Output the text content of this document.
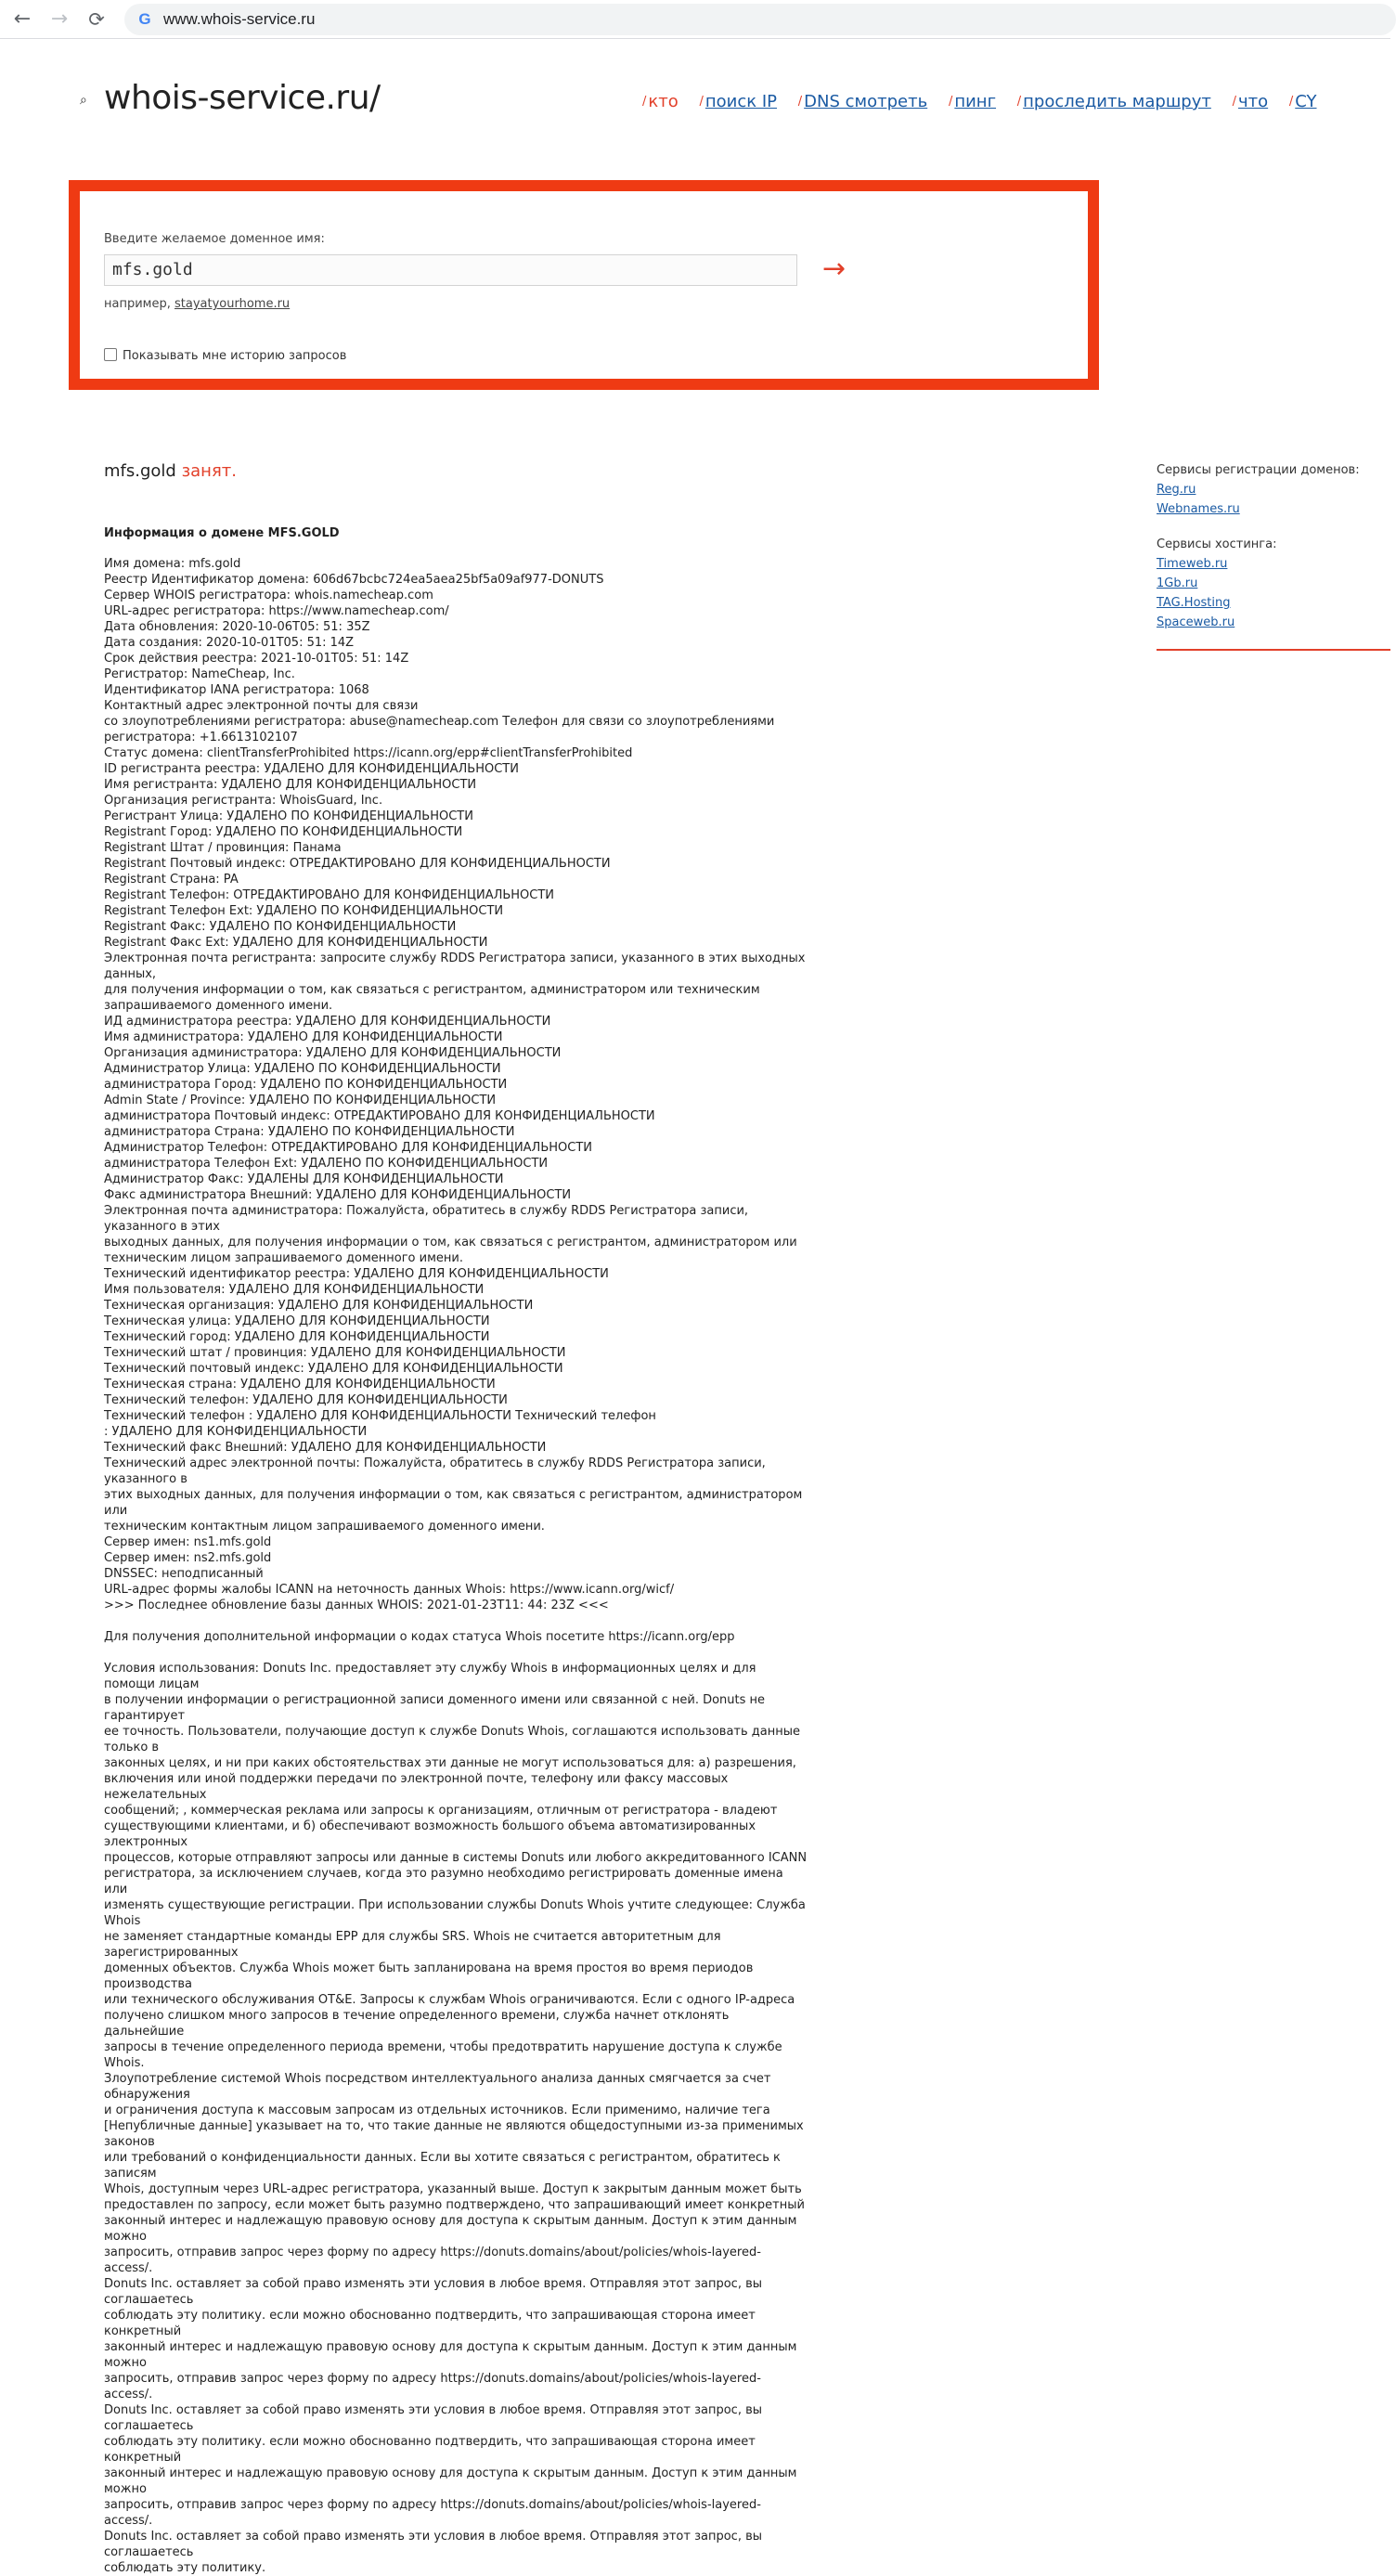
← → ⟳	G www.whois-service.ru
⌕ whois-service.ru/	/ кто / поиск IP / DNS смотреть / пинг / проследить маршрут / что / CY
Введите желаемое доменное имя:
mfs.gold	→
например, stayatyourhome.ru
Показывать мне историю запросов
mfs.gold занят.
Информация о домене MFS.GOLD
Имя домена: mfs.gold
Реестр Идентификатор домена: 606d67bcbc724ea5aea25bf5a09af977-DONUTS
Сервер WHOIS регистратора: whois.namecheap.com
URL-адрес регистратора: https://www.namecheap.com/
Дата обновления: 2020-10-06T05: 51: 35Z
Дата создания: 2020-10-01T05: 51: 14Z
Срок действия реестра: 2021-10-01T05: 51: 14Z
Регистратор: NameCheap, Inc.
Идентификатор IANA регистратора: 1068
Контактный адрес электронной почты для связи
со злоупотреблениями регистратора: abuse@namecheap.com Телефон для связи со злоупотреблениями
регистратора: +1.6613102107
Статус домена: clientTransferProhibited https://icann.org/epp#clientTransferProhibited
ID регистранта реестра: УДАЛЕНО ДЛЯ КОНФИДЕНЦИАЛЬНОСТИ
Имя регистранта: УДАЛЕНО ДЛЯ КОНФИДЕНЦИАЛЬНОСТИ
Организация регистранта: WhoisGuard, Inc.
Регистрант Улица: УДАЛЕНО ПО КОНФИДЕНЦИАЛЬНОСТИ
Registrant Город: УДАЛЕНО ПО КОНФИДЕНЦИАЛЬНОСТИ
Registrant Штат / провинция: Панама
Registrant Почтовый индекс: ОТРЕДАКТИРОВАНО ДЛЯ КОНФИДЕНЦИАЛЬНОСТИ
Registrant Страна: PA
Registrant Телефон: ОТРЕДАКТИРОВАНО ДЛЯ КОНФИДЕНЦИАЛЬНОСТИ
Registrant Телефон Ext: УДАЛЕНО ПО КОНФИДЕНЦИАЛЬНОСТИ
Registrant Факс: УДАЛЕНО ПО КОНФИДЕНЦИАЛЬНОСТИ
Registrant Факс Ext: УДАЛЕНО ДЛЯ КОНФИДЕНЦИАЛЬНОСТИ
Электронная почта регистранта: запросите службу RDDS Регистратора записи, указанного в этих выходных данных,
для получения информации о том, как связаться с регистрантом, администратором или техническим
запрашиваемого доменного имени.
ИД администратора реестра: УДАЛЕНО ДЛЯ КОНФИДЕНЦИАЛЬНОСТИ
Имя администратора: УДАЛЕНО ДЛЯ КОНФИДЕНЦИАЛЬНОСТИ
Организация администратора: УДАЛЕНО ДЛЯ КОНФИДЕНЦИАЛЬНОСТИ
Администратор Улица: УДАЛЕНО ПО КОНФИДЕНЦИАЛЬНОСТИ
администратора Город: УДАЛЕНО ПО КОНФИДЕНЦИАЛЬНОСТИ
Admin State / Province: УДАЛЕНО ПО КОНФИДЕНЦИАЛЬНОСТИ
администратора Почтовый индекс: ОТРЕДАКТИРОВАНО ДЛЯ КОНФИДЕНЦИАЛЬНОСТИ
администратора Страна: УДАЛЕНО ПО КОНФИДЕНЦИАЛЬНОСТИ
Администратор Телефон: ОТРЕДАКТИРОВАНО ДЛЯ КОНФИДЕНЦИАЛЬНОСТИ
администратора Телефон Ext: УДАЛЕНО ПО КОНФИДЕНЦИАЛЬНОСТИ
Администратор Факс: УДАЛЕНЫ ДЛЯ КОНФИДЕНЦИАЛЬНОСТИ
Факс администратора Внешний: УДАЛЕНО ДЛЯ КОНФИДЕНЦИАЛЬНОСТИ
Электронная почта администратора: Пожалуйста, обратитесь в службу RDDS Регистратора записи, указанного в этих
выходных данных, для получения информации о том, как связаться с регистрантом, администратором или
техническим лицом запрашиваемого доменного имени.
Технический идентификатор реестра: УДАЛЕНО ДЛЯ КОНФИДЕНЦИАЛЬНОСТИ
Имя пользователя: УДАЛЕНО ДЛЯ КОНФИДЕНЦИАЛЬНОСТИ
Техническая организация: УДАЛЕНО ДЛЯ КОНФИДЕНЦИАЛЬНОСТИ
Техническая улица: УДАЛЕНО ДЛЯ КОНФИДЕНЦИАЛЬНОСТИ
Технический город: УДАЛЕНО ДЛЯ КОНФИДЕНЦИАЛЬНОСТИ
Технический штат / провинция: УДАЛЕНО ДЛЯ КОНФИДЕНЦИАЛЬНОСТИ
Технический почтовый индекс: УДАЛЕНО ДЛЯ КОНФИДЕНЦИАЛЬНОСТИ
Техническая страна: УДАЛЕНО ДЛЯ КОНФИДЕНЦИАЛЬНОСТИ
Технический телефон: УДАЛЕНО ДЛЯ КОНФИДЕНЦИАЛЬНОСТИ
Технический телефон : УДАЛЕНО ДЛЯ КОНФИДЕНЦИАЛЬНОСТИ Технический телефон
: УДАЛЕНО ДЛЯ КОНФИДЕНЦИАЛЬНОСТИ
Технический факс Внешний: УДАЛЕНО ДЛЯ КОНФИДЕНЦИАЛЬНОСТИ
Технический адрес электронной почты: Пожалуйста, обратитесь в службу RDDS Регистратора записи, указанного в
этих выходных данных, для получения информации о том, как связаться с регистрантом, администратором или
техническим контактным лицом запрашиваемого доменного имени.
Сервер имен: ns1.mfs.gold
Сервер имен: ns2.mfs.gold
DNSSEC: неподписанный
URL-адрес формы жалобы ICANN на неточность данных Whois: https://www.icann.org/wicf/
>>> Последнее обновление базы данных WHOIS: 2021-01-23T11: 44: 23Z <<<

Для получения дополнительной информации о кодах статуса Whois посетите https://icann.org/epp

Условия использования: Donuts Inc. предоставляет эту службу Whois в информационных целях и для помощи лицам
в получении информации о регистрационной записи доменного имени или связанной с ней. Donuts не гарантирует
ее точность. Пользователи, получающие доступ к службе Donuts Whois, соглашаются использовать данные только в
законных целях, и ни при каких обстоятельствах эти данные не могут использоваться для: а) разрешения,
включения или иной поддержки передачи по электронной почте, телефону или факсу массовых нежелательных
сообщений; , коммерческая реклама или запросы к организациям, отличным от регистратора - владеют
существующими клиентами, и б) обеспечивают возможность большого объема автоматизированных электронных
процессов, которые отправляют запросы или данные в системы Donuts или любого аккредитованного ICANN
регистратора, за исключением случаев, когда это разумно необходимо регистрировать доменные имена или
изменять существующие регистрации. При использовании службы Donuts Whois учтите следующее: Служба Whois
не заменяет стандартные команды EPP для службы SRS. Whois не считается авторитетным для зарегистрированных
доменных объектов. Служба Whois может быть запланирована на время простоя во время периодов производства
или технического обслуживания OT&E. Запросы к службам Whois ограничиваются. Если с одного IP-адреса
получено слишком много запросов в течение определенного времени, служба начнет отклонять дальнейшие
запросы в течение определенного периода времени, чтобы предотвратить нарушение доступа к службе Whois.
Злоупотребление системой Whois посредством интеллектуального анализа данных смягчается за счет обнаружения
и ограничения доступа к массовым запросам из отдельных источников. Если применимо, наличие тега
[Непубличные данные] указывает на то, что такие данные не являются общедоступными из-за применимых законов
или требований о конфиденциальности данных. Если вы хотите связаться с регистрантом, обратитесь к записям
Whois, доступным через URL-адрес регистратора, указанный выше. Доступ к закрытым данным может быть
предоставлен по запросу, если может быть разумно подтверждено, что запрашивающий имеет конкретный
законный интерес и надлежащую правовую основу для доступа к скрытым данным. Доступ к этим данным можно
запросить, отправив запрос через форму по адресу https://donuts.domains/about/policies/whois-layered-access/.
Donuts Inc. оставляет за собой право изменять эти условия в любое время. Отправляя этот запрос, вы соглашаетесь
соблюдать эту политику. если можно обоснованно подтвердить, что запрашивающая сторона имеет конкретный
законный интерес и надлежащую правовую основу для доступа к скрытым данным. Доступ к этим данным можно
запросить, отправив запрос через форму по адресу https://donuts.domains/about/policies/whois-layered-access/.
Donuts Inc. оставляет за собой право изменять эти условия в любое время. Отправляя этот запрос, вы соглашаетесь
соблюдать эту политику. если можно обоснованно подтвердить, что запрашивающая сторона имеет конкретный
законный интерес и надлежащую правовую основу для доступа к скрытым данным. Доступ к этим данным можно
запросить, отправив запрос через форму по адресу https://donuts.domains/about/policies/whois-layered-access/.
Donuts Inc. оставляет за собой право изменять эти условия в любое время. Отправляя этот запрос, вы соглашаетесь
соблюдать эту политику.
Сервисы регистрации доменов:
Reg.ru
Webnames.ru
Сервисы хостинга:
Timeweb.ru
1Gb.ru
TAG.Hosting
Spaceweb.ru
